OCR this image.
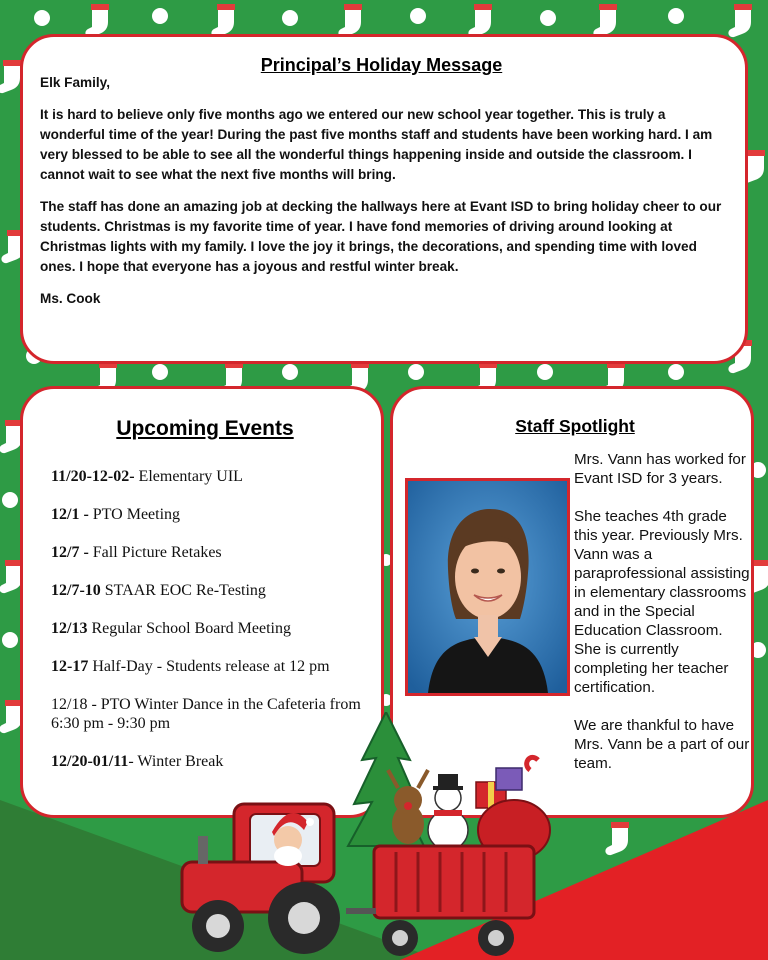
Principal’s Holiday Message

Elk Family,

It is hard to believe only five months ago we entered our new school year together. This is truly a wonderful time of the year! During the past five months staff and students have been working hard. I am very blessed to be able to see all the wonderful things happening inside and outside the classroom. I cannot wait to see what the next five months will bring.

The staff has done an amazing job at decking the hallways here at Evant ISD to bring holiday cheer to our students. Christmas is my favorite time of year. I have fond memories of driving around looking at Christmas lights with my family. I love the joy it brings, the decorations, and spending time with loved ones. I hope that everyone has a joyous and restful winter break.

Ms. Cook

Upcoming Events
11/20-12-02- Elementary UIL
12/1 - PTO Meeting
12/7 - Fall Picture Retakes
12/7-10 STAAR EOC Re-Testing
12/13 Regular School Board Meeting
12-17 Half-Day - Students release at 12 pm
12/18 - PTO Winter Dance in the Cafeteria from 6:30 pm - 9:30 pm
12/20-01/11- Winter Break
Staff Spotlight

Mrs. Vann has worked for Evant ISD for 3 years.

She teaches 4th grade this year. Previously Mrs. Vann was a paraprofessional assisting in elementary classrooms and in the Special Education Classroom. She is currently completing her teacher certification.

We are thankful to have Mrs. Vann be a part of our team.
